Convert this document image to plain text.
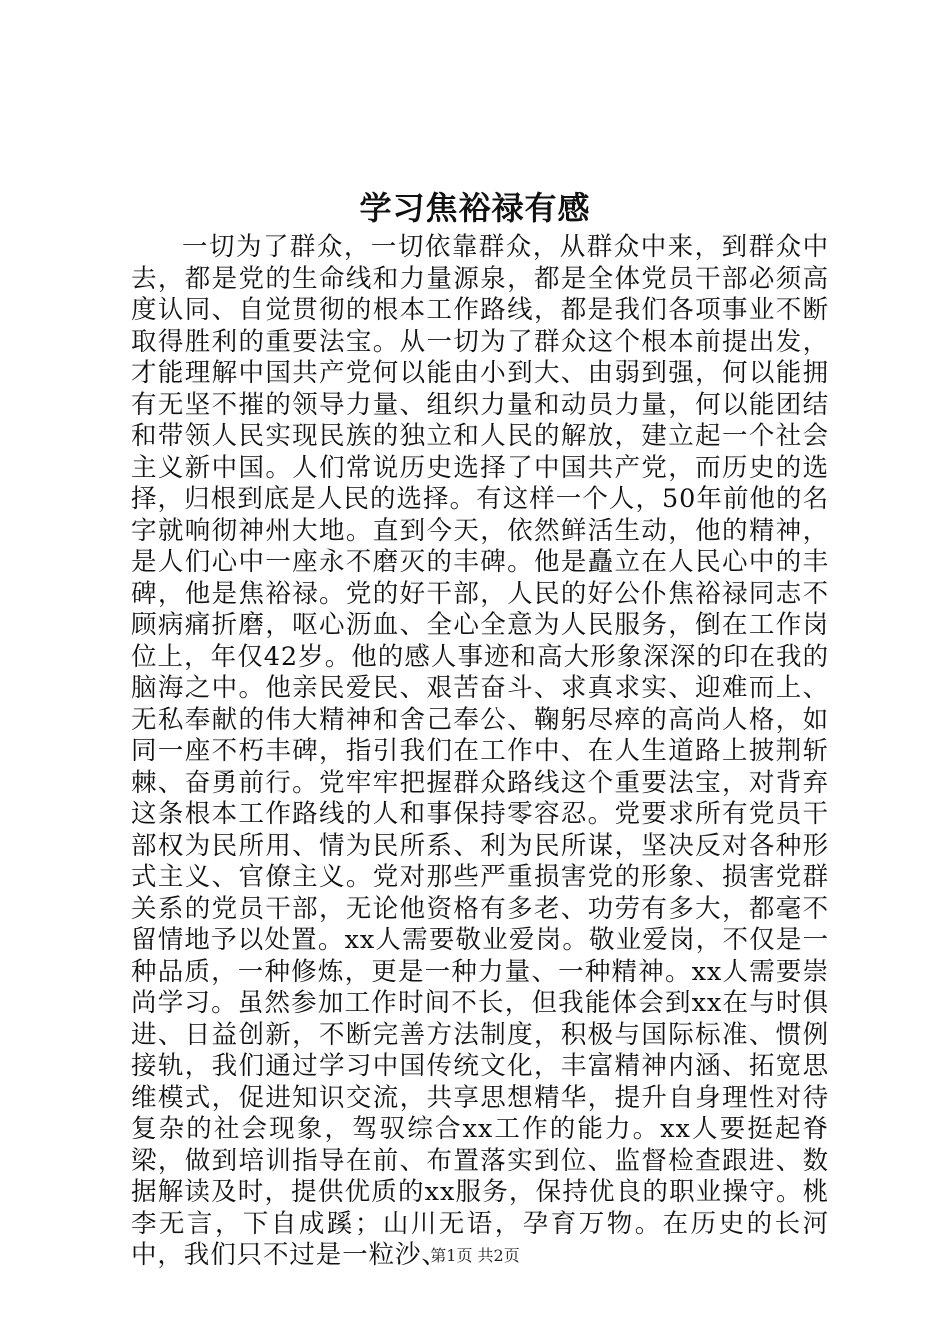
学习焦裕禄有感

一切为了群众，一切依靠群众，从群众中来，到群众中去，都是党的生命线和力量源泉，都是全体党员干部必须高度认同、自觉贯彻的根本工作路线，都是我们各项事业不断取得胜利的重要法宝。从一切为了群众这个根本前提出发，才能理解中国共产党何以能由小到大、由弱到强，何以能拥有无坚不摧的领导力量、组织力量和动员力量，何以能团结和带领人民实现民族的独立和人民的解放，建立起一个社会主义新中国。人们常说历史选择了中国共产党，而历史的选择，归根到底是人民的选择。有这样一个人，50年前他的名字就响彻神州大地。直到今天，依然鲜活生动，他的精神，是人们心中一座永不磨灭的丰碑。他是矗立在人民心中的丰碑，他是焦裕禄。党的好干部，人民的好公仆焦裕禄同志不顾病痛折磨，呕心沥血、全心全意为人民服务，倒在工作岗位上，年仅42岁。他的感人事迹和高大形象深深的印在我的脑海之中。他亲民爱民、艰苦奋斗、求真求实、迎难而上、无私奉献的伟大精神和舍己奉公、鞠躬尽瘁的高尚人格，如同一座不朽丰碑，指引我们在工作中、在人生道路上披荆斩棘、奋勇前行。党牢牢把握群众路线这个重要法宝，对背弃这条根本工作路线的人和事保持零容忍。党要求所有党员干部权为民所用、情为民所系、利为民所谋，坚决反对各种形式主义、官僚主义。党对那些严重损害党的形象、损害党群关系的党员干部，无论他资格有多老、功劳有多大，都毫不留情地予以处置。xx人需要敬业爱岗。敬业爱岗，不仅是一种品质，一种修炼，更是一种力量、一种精神。xx人需要崇尚学习。虽然参加工作时间不长，但我能体会到xx在与时俱进、日益创新，不断完善方法制度，积极与国际标准、惯例接轨，我们通过学习中国传统文化，丰富精神内涵、拓宽思维模式，促进知识交流，共享思想精华，提升自身理性对待复杂的社会现象，驾驭综合xx工作的能力。xx人要挺起脊梁，做到培训指导在前、布置落实到位、监督检查跟进、数据解读及时，提供优质的xx服务，保持优良的职业操守。桃李无言，下自成蹊；山川无语，孕育万物。在历史的长河中，我们只不过是一粒沙、

第1页 共2页
